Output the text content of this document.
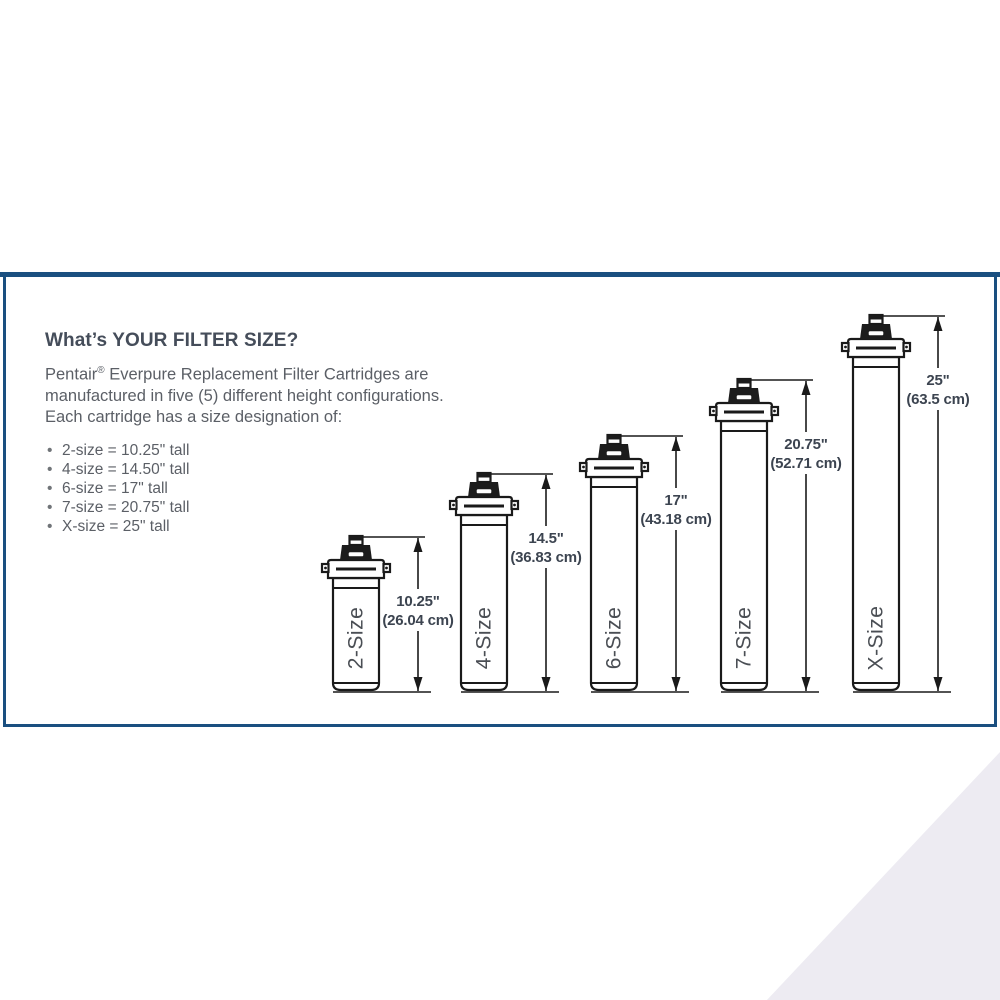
2-Size
10.25"
(26.04 cm) 4-Size
14.5"
(36.83 cm)
6-Size
17"
(43.18 cm)
7-Size
20.75"
(52.71 cm)
X-Size
25"
(63.5 cm)
What’s YOUR FILTER SIZE?

Pentair® Everpure Replacement Filter Cartridges are
manufactured in five (5) different height configurations.
Each cartridge has a size designation of:

• 2-size = 10.25" tall
• 4-size = 14.50" tall
• 6-size = 17" tall
• 7-size = 20.75" tall
• X-size = 25" tall
